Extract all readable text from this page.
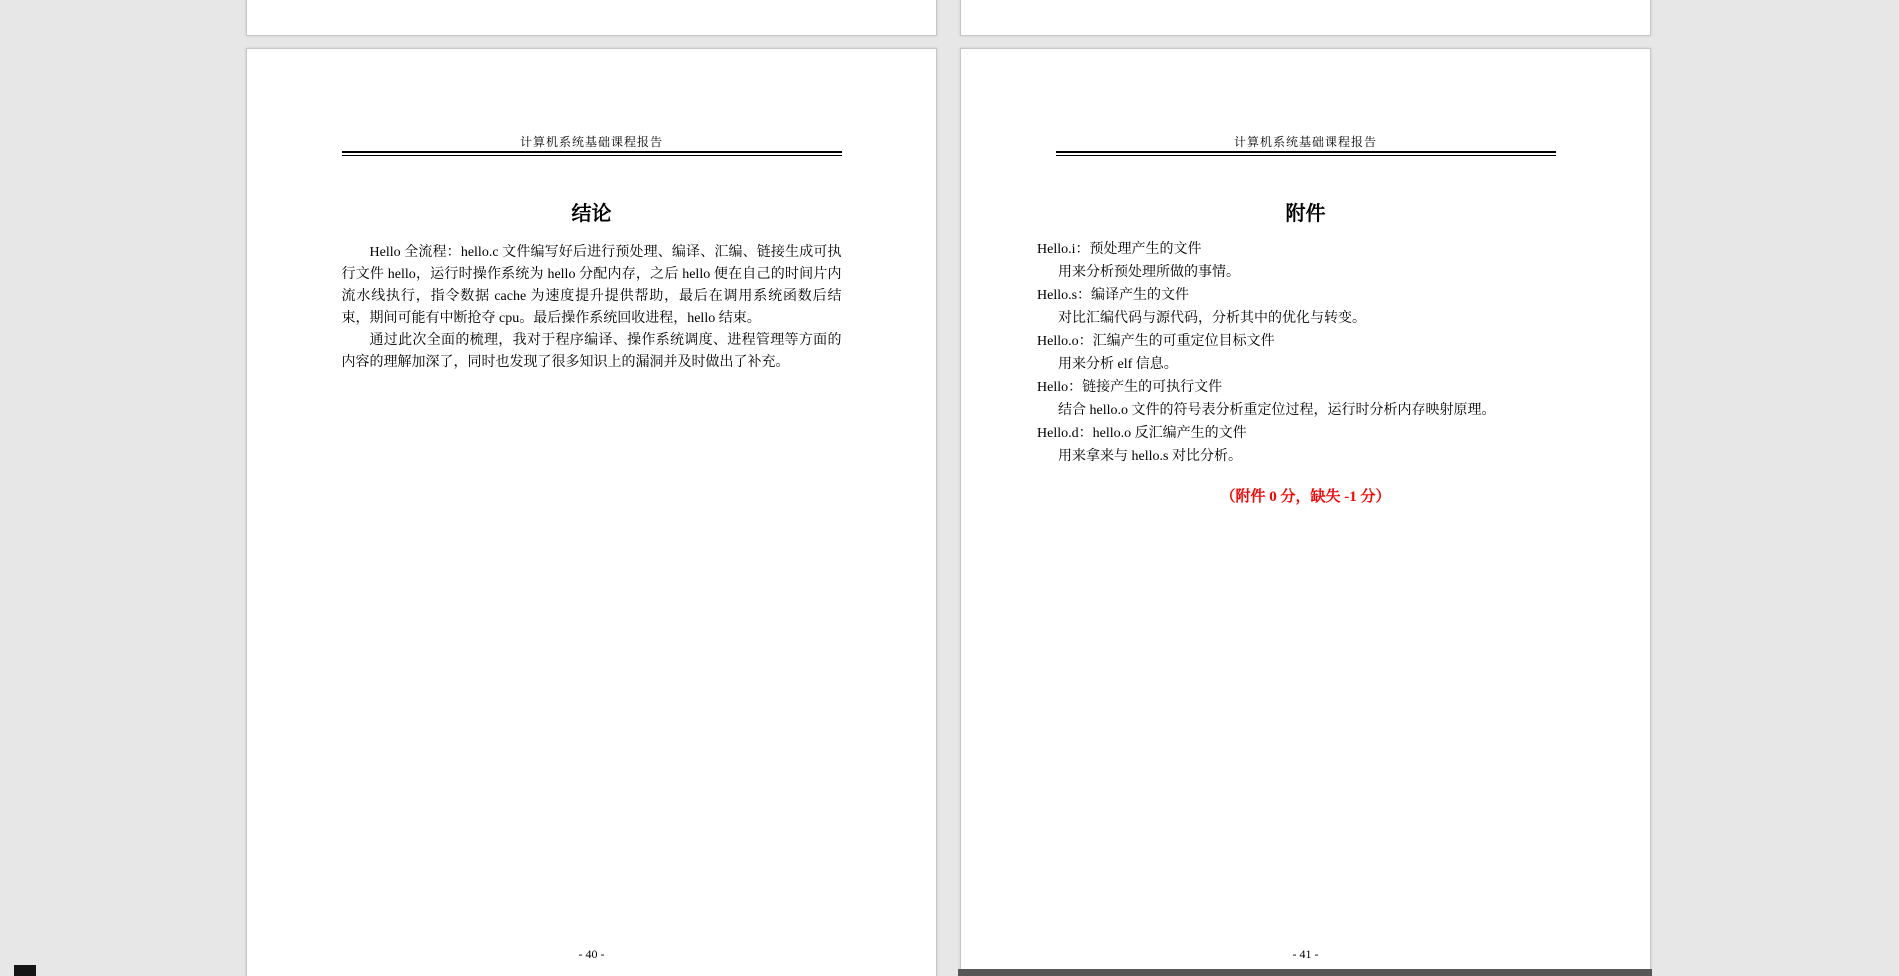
计算机系统基础课程报告
结论

Hello 全流程：hello.c 文件编写好后进行预处理、编译、汇编、链接生成可执行文件 hello，运行时操作系统为 hello 分配内存，之后 hello 便在自己的时间片内流水线执行，指令数据 cache 为速度提升提供帮助，最后在调用系统函数后结束，期间可能有中断抢夺 cpu。最后操作系统回收进程，hello 结束。

通过此次全面的梳理，我对于程序编译、操作系统调度、进程管理等方面的内容的理解加深了，同时也发现了很多知识上的漏洞并及时做出了补充。

- 40 -
计算机系统基础课程报告
附件
Hello.i：预处理产生的文件
用来分析预处理所做的事情。
Hello.s：编译产生的文件
对比汇编代码与源代码，分析其中的优化与转变。
Hello.o：汇编产生的可重定位目标文件
用来分析 elf 信息。
Hello：链接产生的可执行文件
结合 hello.o 文件的符号表分析重定位过程，运行时分析内存映射原理。
Hello.d：hello.o 反汇编产生的文件
用来拿来与 hello.s 对比分析。
（附件 0 分，缺失 -1 分）
- 41 -
